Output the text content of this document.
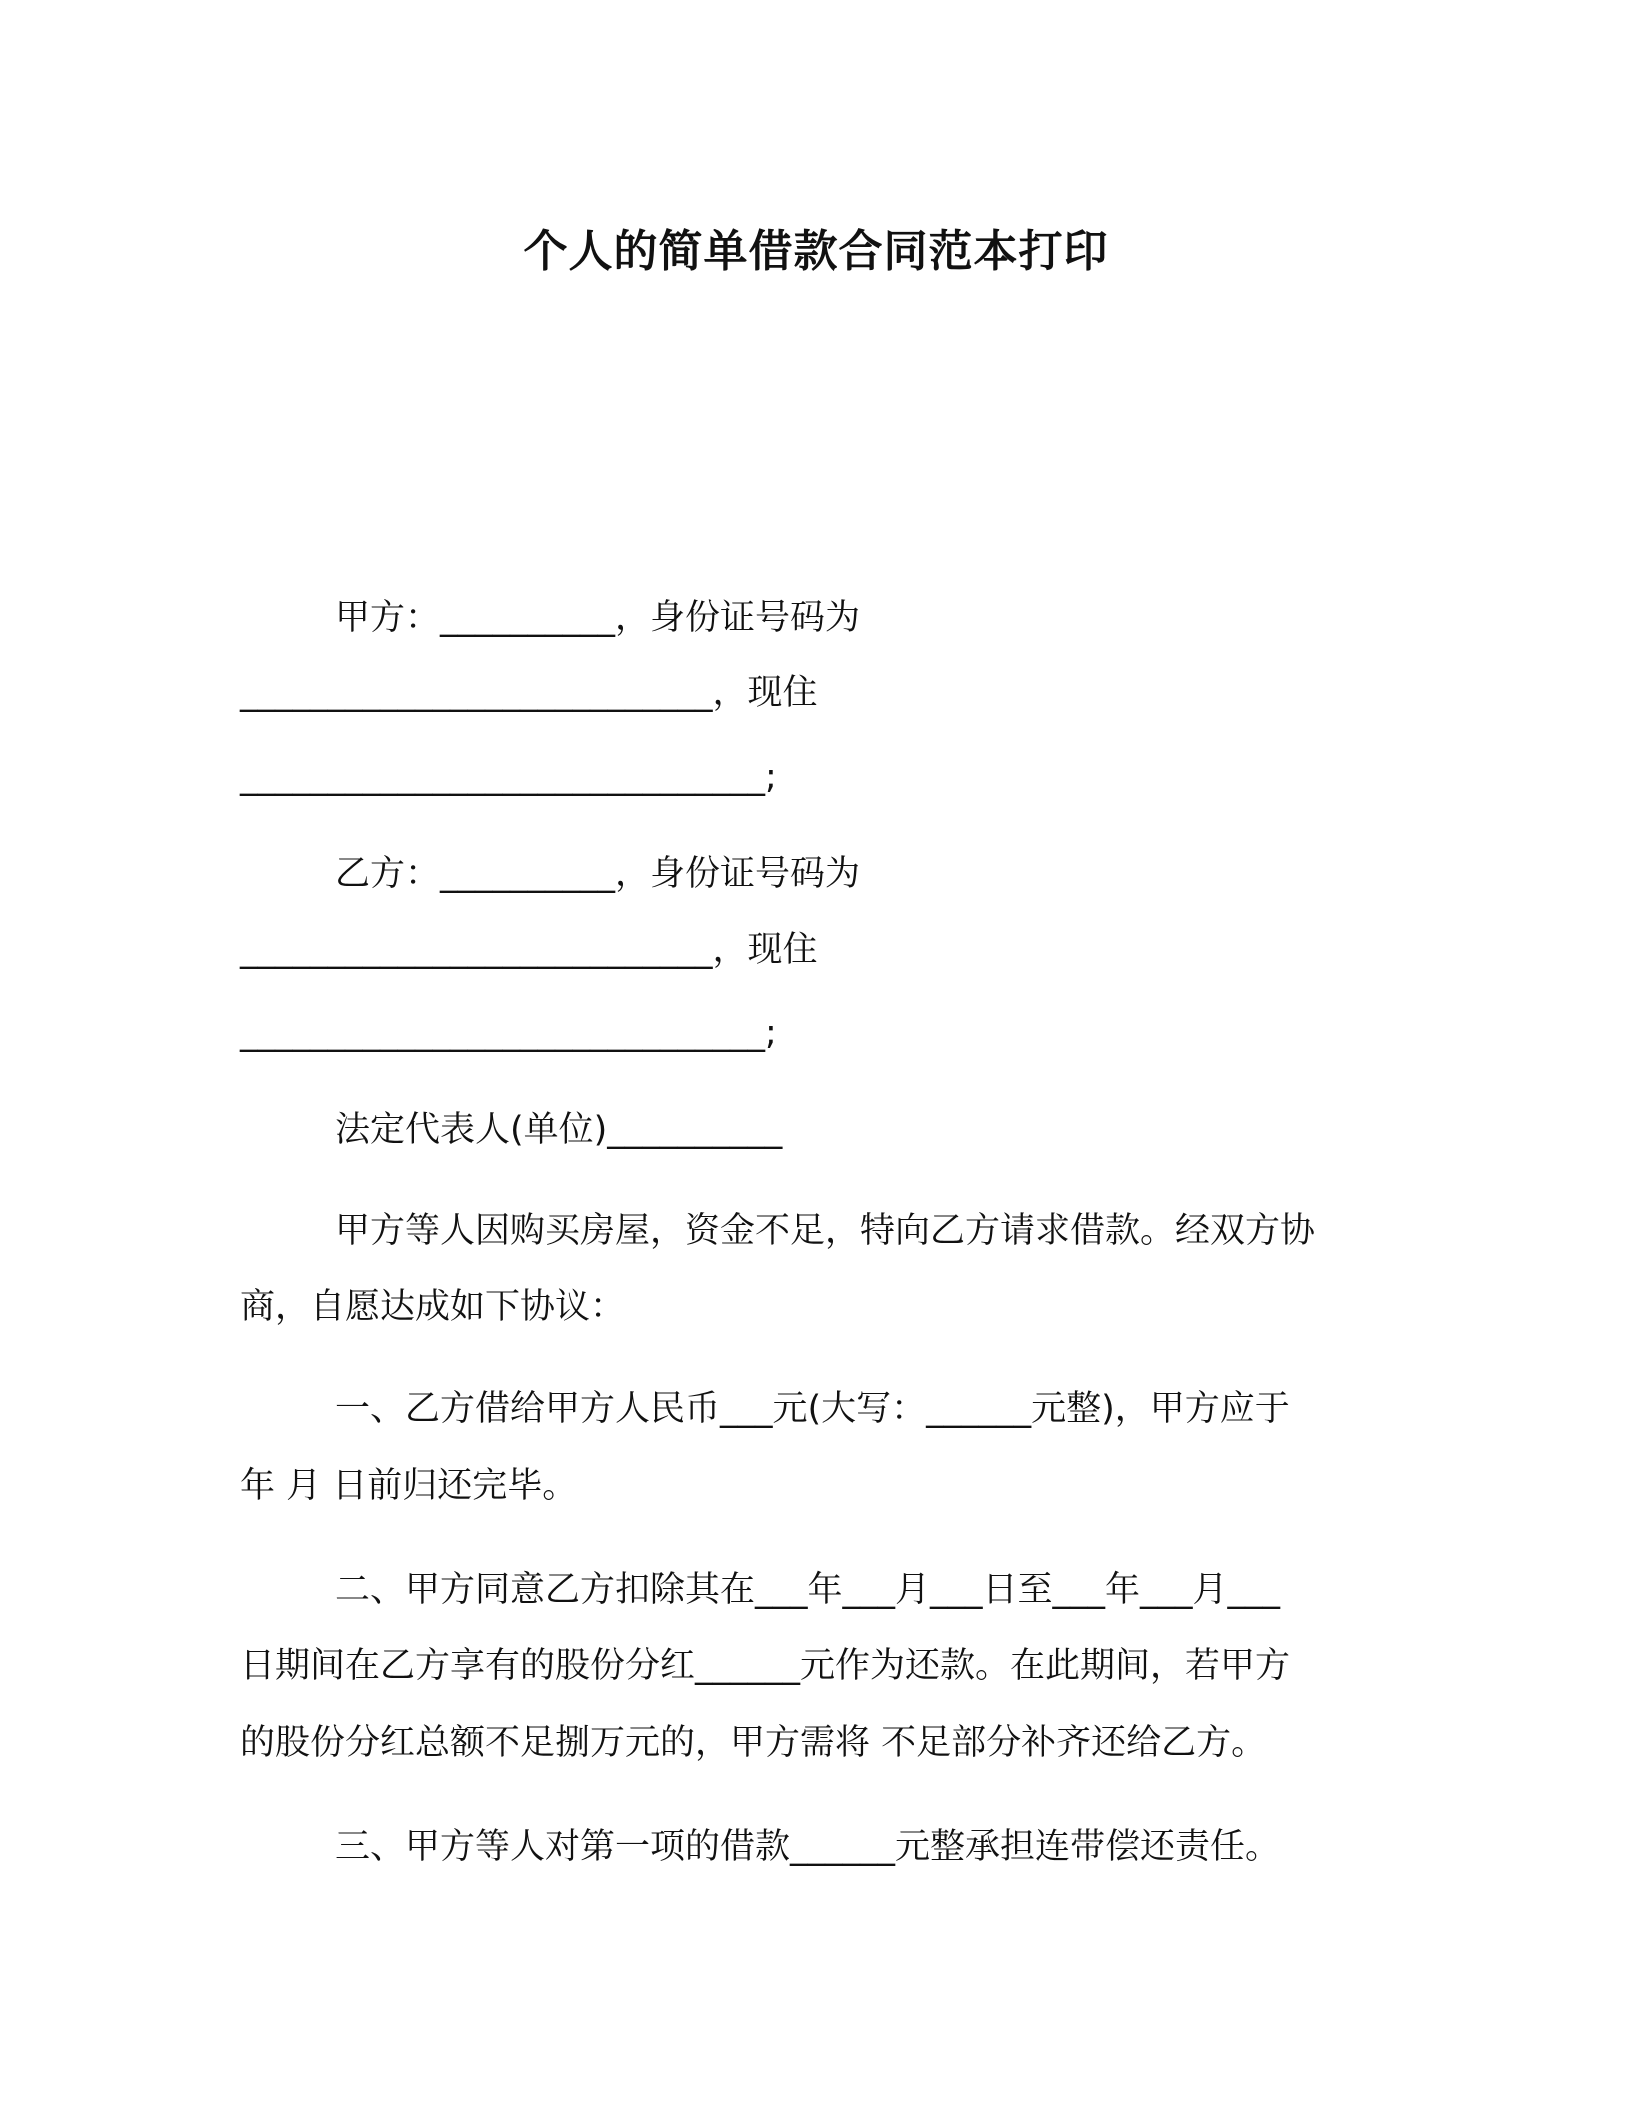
个人的简单借款合同范本打印
甲方：__________，身份证号码为
___________________________，现住
______________________________;
乙方：__________，身份证号码为
___________________________，现住
______________________________;
法定代表人(单位)__________
甲方等人因购买房屋，资金不足，特向乙方请求借款。经双方协
商，自愿达成如下协议：
一、乙方借给甲方人民币___元(大写：______元整)，甲方应于
年 月 日前归还完毕。
二、甲方同意乙方扣除其在___年___月___日至___年___月___
日期间在乙方享有的股份分红______元作为还款。在此期间，若甲方
的股份分红总额不足捌万元的，甲方需将 不足部分补齐还给乙方。
三、甲方等人对第一项的借款______元整承担连带偿还责任。
